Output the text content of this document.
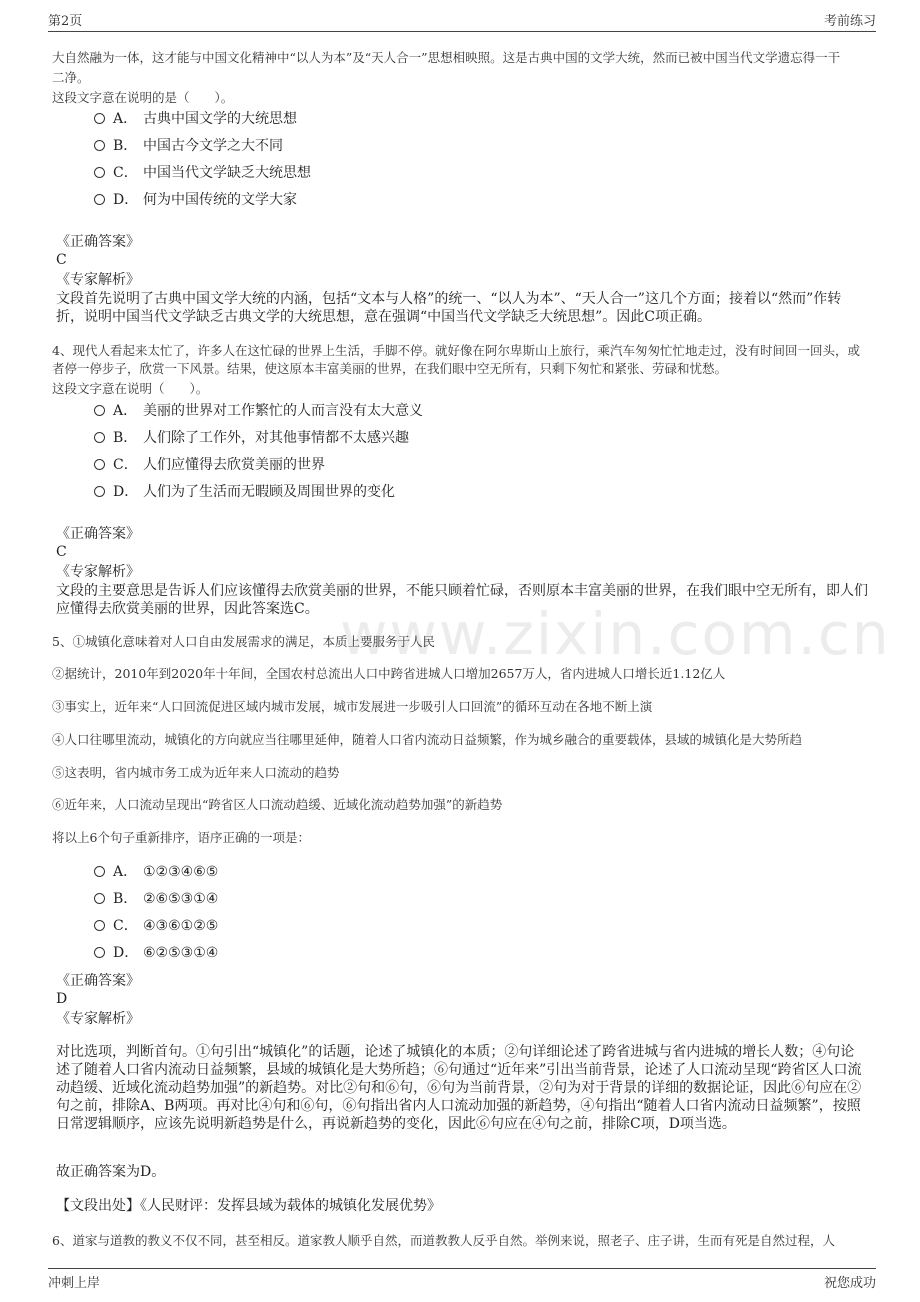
第2页	考前练习
www.zixin.com.cn
大自然融为一体，这才能与中国文化精神中“以人为本”及“天人合一”思想相映照。这是古典中国的文学大统，然而已被中国当代文学遗忘得一干
二净。
这段文字意在说明的是（　　）。
A． 古典中国文学的大统思想
B． 中国古今文学之大不同
C． 中国当代文学缺乏大统思想
D． 何为中国传统的文学大家
《正确答案》
C
《专家解析》
文段首先说明了古典中国文学大统的内涵，包括“文本与人格”的统一、“以人为本”、“天人合一”这几个方面；接着以“然而”作转折，说明中国当代文学缺乏古典文学的大统思想，意在强调“中国当代文学缺乏大统思想”。因此C项正确。
4、现代人看起来太忙了，许多人在这忙碌的世界上生活，手脚不停。就好像在阿尔卑斯山上旅行，乘汽车匆匆忙忙地走过，没有时间回一回头，或者停一停步子，欣赏一下风景。结果，使这原本丰富美丽的世界，在我们眼中空无所有，只剩下匆忙和紧张、劳碌和忧愁。
这段文字意在说明（　　）。
A． 美丽的世界对工作繁忙的人而言没有太大意义
B． 人们除了工作外，对其他事情都不太感兴趣
C． 人们应懂得去欣赏美丽的世界
D． 人们为了生活而无暇顾及周围世界的变化
《正确答案》
C
《专家解析》
文段的主要意思是告诉人们应该懂得去欣赏美丽的世界，不能只顾着忙碌，否则原本丰富美丽的世界，在我们眼中空无所有，即人们应懂得去欣赏美丽的世界，因此答案选C。
5、①城镇化意味着对人口自由发展需求的满足，本质上要服务于人民
②据统计，2010年到2020年十年间，全国农村总流出人口中跨省进城人口增加2657万人，省内进城人口增长近1.12亿人
③事实上，近年来“人口回流促进区域内城市发展，城市发展进一步吸引人口回流”的循环互动在各地不断上演
④人口往哪里流动，城镇化的方向就应当往哪里延伸，随着人口省内流动日益频繁，作为城乡融合的重要载体，县域的城镇化是大势所趋
⑤这表明，省内城市务工成为近年来人口流动的趋势
⑥近年来，人口流动呈现出“跨省区人口流动趋缓、近域化流动趋势加强”的新趋势
将以上6个句子重新排序，语序正确的一项是：
A． ①②③④⑥⑤
B． ②⑥⑤③①④
C． ④③⑥①②⑤
D． ⑥②⑤③①④
《正确答案》
D
《专家解析》
对比选项，判断首句。①句引出“城镇化”的话题，论述了城镇化的本质；②句详细论述了跨省进城与省内进城的增长人数；④句论述了随着人口省内流动日益频繁，县域的城镇化是大势所趋；⑥句通过“近年来”引出当前背景，论述了人口流动呈现“跨省区人口流动趋缓、近域化流动趋势加强”的新趋势。对比②句和⑥句，⑥句为当前背景，②句为对于背景的详细的数据论证，因此⑥句应在②句之前，排除A、B两项。再对比④句和⑥句，⑥句指出省内人口流动加强的新趋势，④句指出“随着人口省内流动日益频繁”，按照日常逻辑顺序，应该先说明新趋势是什么，再说新趋势的变化，因此⑥句应在④句之前，排除C项，D项当选。
故正确答案为D。
【文段出处】《人民财评：发挥县域为载体的城镇化发展优势》
6、道家与道教的教义不仅不同，甚至相反。道家教人顺乎自然，而道教教人反乎自然。举例来说，照老子、庄子讲，生而有死是自然过程，人
冲刺上岸	祝您成功
